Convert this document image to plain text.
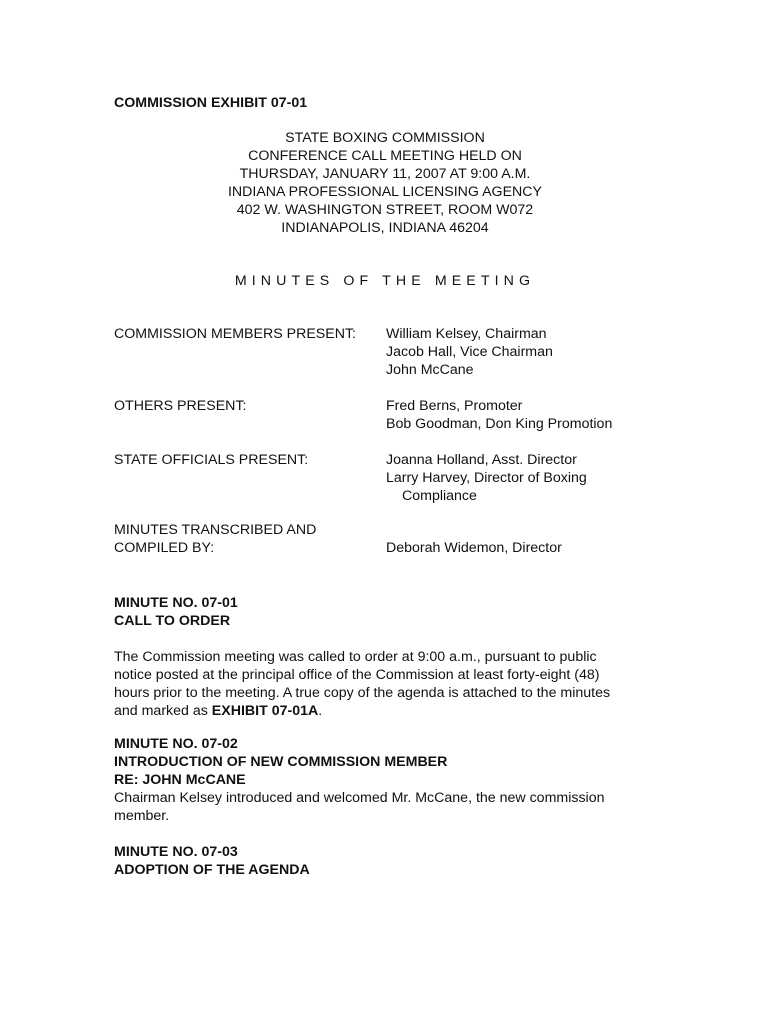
COMMISSION EXHIBIT 07-01
STATE BOXING COMMISSION
CONFERENCE CALL MEETING HELD ON
THURSDAY, JANUARY 11, 2007 AT 9:00 A.M.
INDIANA PROFESSIONAL LICENSING AGENCY
402 W. WASHINGTON STREET, ROOM W072
INDIANAPOLIS, INDIANA 46204
MINUTES OF THE MEETING
COMMISSION MEMBERS PRESENT: William Kelsey, Chairman
Jacob Hall, Vice Chairman
John McCane
OTHERS PRESENT:	Fred Berns, Promoter
Bob Goodman, Don King Promotion
STATE OFFICIALS PRESENT:	Joanna Holland, Asst. Director
Larry Harvey, Director of Boxing
Compliance
MINUTES TRANSCRIBED AND
COMPILED BY:	Deborah Widemon, Director
MINUTE NO. 07-01
CALL TO ORDER
The Commission meeting was called to order at 9:00 a.m., pursuant to public
notice posted at the principal office of the Commission at least forty-eight (48)
hours prior to the meeting. A true copy of the agenda is attached to the minutes
and marked as EXHIBIT 07-01A.
MINUTE NO. 07-02
INTRODUCTION OF NEW COMMISSION MEMBER
RE: JOHN McCANE
Chairman Kelsey introduced and welcomed Mr. McCane, the new commission
member.
MINUTE NO. 07-03
ADOPTION OF THE AGENDA
